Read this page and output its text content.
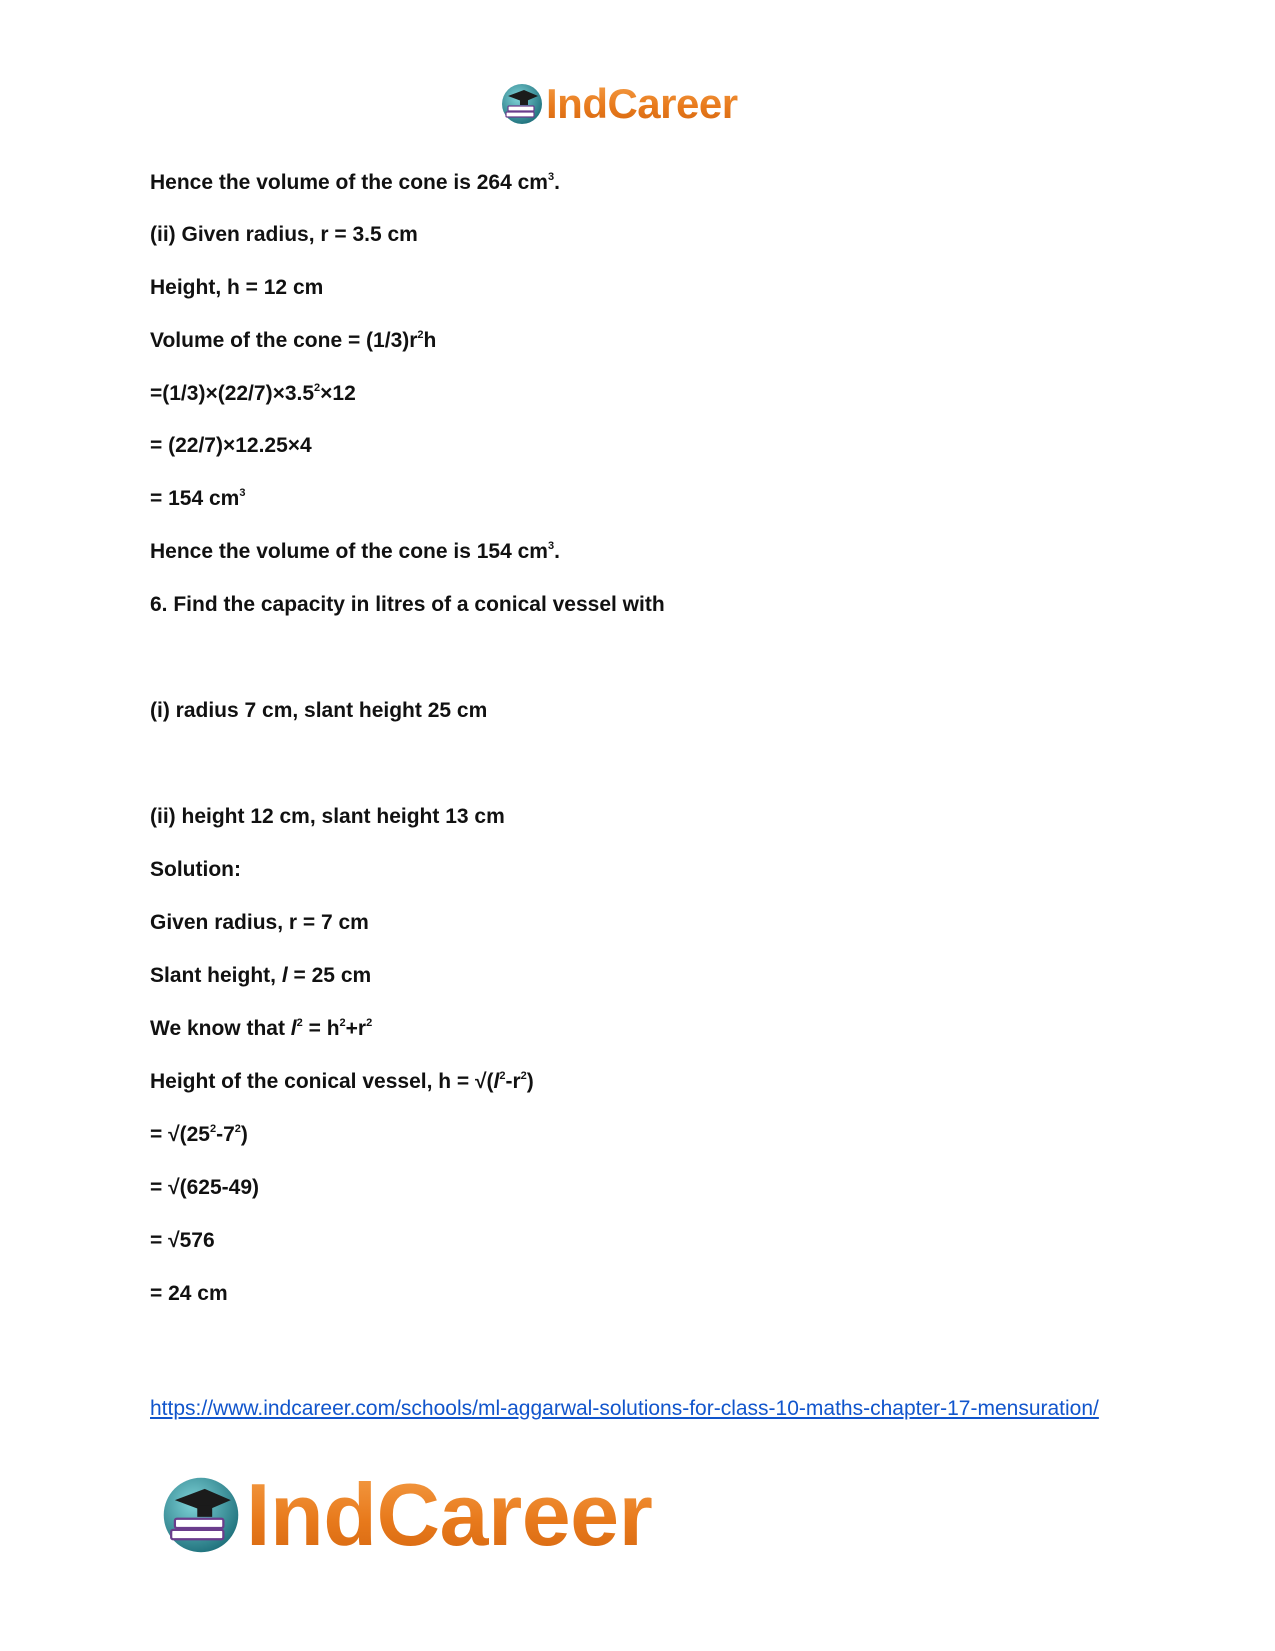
IndCareer
Hence the volume of the cone is 264 $cm^3$.
(ii) Given radius, r = 3.5 cm
Height, h = 12 cm
Volume of the cone = $(1/3)r^2h$
$=(1/3)\times(22/7)\times 3.5^2\times 12$
= (22/7)×12.25×4
= 154 $cm^3$
Hence the volume of the cone is 154 $cm^3$.
6. Find the capacity in litres of a conical vessel with
(i) radius 7 cm, slant height 25 cm
(ii) height 12 cm, slant height 13 cm
Solution:
Given radius, r = 7 cm
Slant height, l = 25 cm
We know that $l^2 = h^2+r^2$
Height of the conical vessel, $h = √(l^2-r^2)$
= $√(25^2-7^2)$
= √(625-49)
= √576
= 24 cm
https://www.indcareer.com/schools/ml-aggarwal-solutions-for-class-10-maths-chapter-17-mensuration/
IndCareer
